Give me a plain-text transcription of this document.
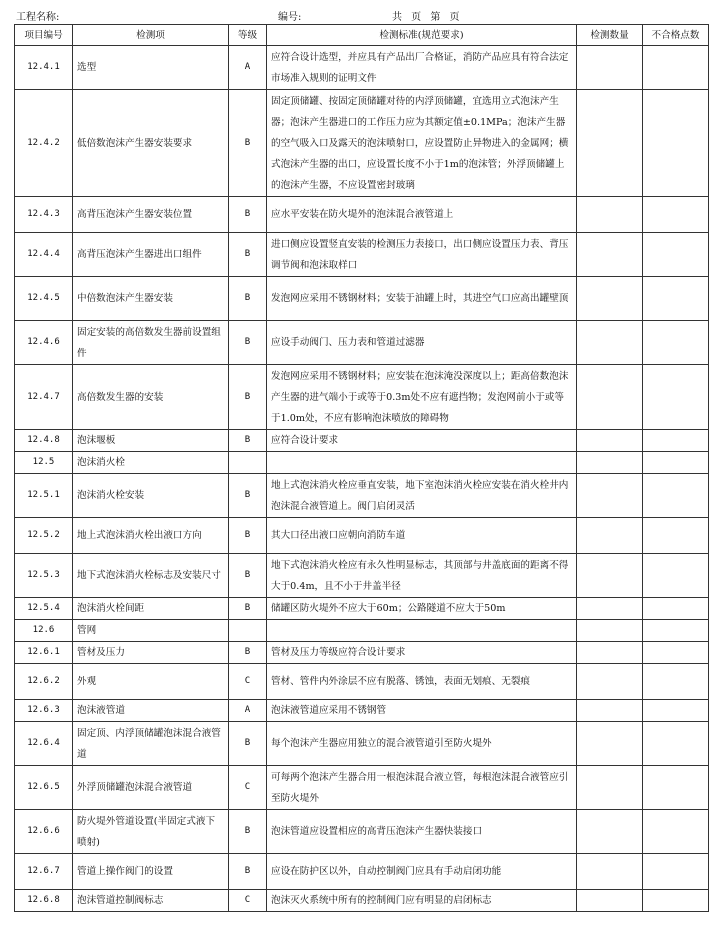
工程名称:	编号:	共 页 第 页
项目编号	检测项	等级	检测标准(规范要求)	检测数量	不合格点数
12.4.1	选型	A	应符合设计选型，并应具有产品出厂合格证，消防产品应具有符合法定市场准入规则的证明文件		
12.4.2	低倍数泡沫产生器安装要求	B	固定顶储罐、按固定顶储罐对待的内浮顶储罐，宜选用立式泡沫产生器；泡沫产生器进口的工作压力应为其额定值±0.1MPa；泡沫产生器的空气吸入口及露天的泡沫喷射口，应设置防止异物进入的金属网；横式泡沫产生器的出口，应设置长度不小于1m的泡沫管；外浮顶储罐上的泡沫产生器，不应设置密封玻璃		
12.4.3	高背压泡沫产生器安装位置	B	应水平安装在防火堤外的泡沫混合液管道上		
12.4.4	高背压泡沫产生器进出口组件	B	进口侧应设置竖直安装的检测压力表接口，出口侧应设置压力表、背压调节阀和泡沫取样口		
12.4.5	中倍数泡沫产生器安装	B	发泡网应采用不锈钢材料；安装于油罐上时，其进空气口应高出罐壁顶		
12.4.6	固定安装的高倍数发生器前设置组件	B	应设手动阀门、压力表和管道过滤器		
12.4.7	高倍数发生器的安装	B	发泡网应采用不锈钢材料；应安装在泡沫淹没深度以上；距高倍数泡沫产生器的进气端小于或等于0.3m处不应有遮挡物；发泡网前小于或等于1.0m处，不应有影响泡沫喷放的障碍物		
12.4.8	泡沫堰板	B	应符合设计要求		
12.5	泡沫消火栓				
12.5.1	泡沫消火栓安装	B	地上式泡沫消火栓应垂直安装，地下室泡沫消火栓应安装在消火栓井内泡沫混合液管道上。阀门启闭灵活		
12.5.2	地上式泡沫消火栓出液口方向	B	其大口径出液口应朝向消防车道		
12.5.3	地下式泡沫消火栓标志及安装尺寸	B	地下式泡沫消火栓应有永久性明显标志，其顶部与井盖底面的距离不得大于0.4m，且不小于井盖半径		
12.5.4	泡沫消火栓间距	B	储罐区防火堤外不应大于60m；公路隧道不应大于50m		
12.6	管网				
12.6.1	管材及压力	B	管材及压力等级应符合设计要求		
12.6.2	外观	C	管材、管件内外涂层不应有脱落、锈蚀，表面无划痕、无裂痕		
12.6.3	泡沫液管道	A	泡沫液管道应采用不锈钢管		
12.6.4	固定顶、内浮顶储罐泡沫混合液管道	B	每个泡沫产生器应用独立的混合液管道引至防火堤外		
12.6.5	外浮顶储罐泡沫混合液管道	C	可每两个泡沫产生器合用一根泡沫混合液立管，每根泡沫混合液管应引至防火堤外		
12.6.6	防火堤外管道设置(半固定式液下喷射)	B	泡沫管道应设置相应的高背压泡沫产生器快装接口		
12.6.7	管道上操作阀门的设置	B	应设在防护区以外，自动控制阀门应具有手动启闭功能		
12.6.8	泡沫管道控制阀标志	C	泡沫灭火系统中所有的控制阀门应有明显的启闭标志		
